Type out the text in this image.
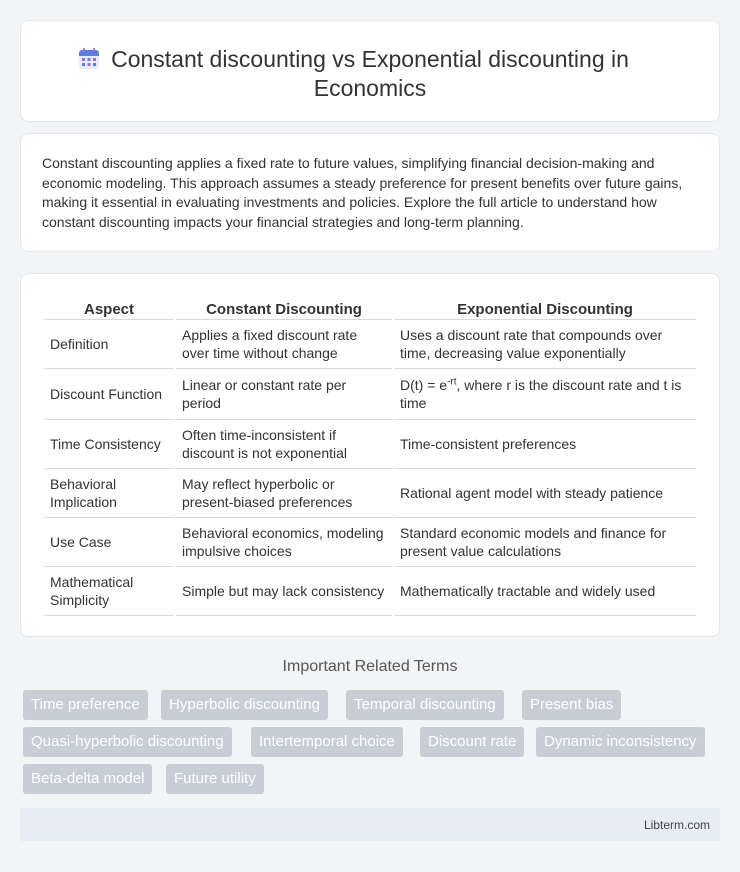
Constant discounting vs Exponential discounting in
Economics

Constant discounting applies a fixed rate to future values, simplifying financial decision-making and economic modeling. This approach assumes a steady preference for present benefits over future gains, making it essential in evaluating investments and policies. Explore the full article to understand how constant discounting impacts your financial strategies and long-term planning.

Aspect	Constant Discounting	Exponential Discounting
Definition	Applies a fixed discount rate over time without change	Uses a discount rate that compounds over time, decreasing value exponentially
Discount Function	Linear or constant rate per period	$D(t) = e^{-rt}$, where r is the discount rate and t is time
Time Consistency	Often time-inconsistent if discount is not exponential	Time-consistent preferences
Behavioral Implication	May reflect hyperbolic or present-biased preferences	Rational agent model with steady patience
Use Case	Behavioral economics, modeling impulsive choices	Standard economic models and finance for present value calculations
Mathematical Simplicity	Simple but may lack consistency	Mathematically tractable and widely used
Important Related Terms
Time preference	Hyperbolic discounting	Temporal discounting	Present bias
Quasi-hyperbolic discounting	Intertemporal choice	Discount rate	Dynamic inconsistency
Beta-delta model	Future utility
Libterm.com
